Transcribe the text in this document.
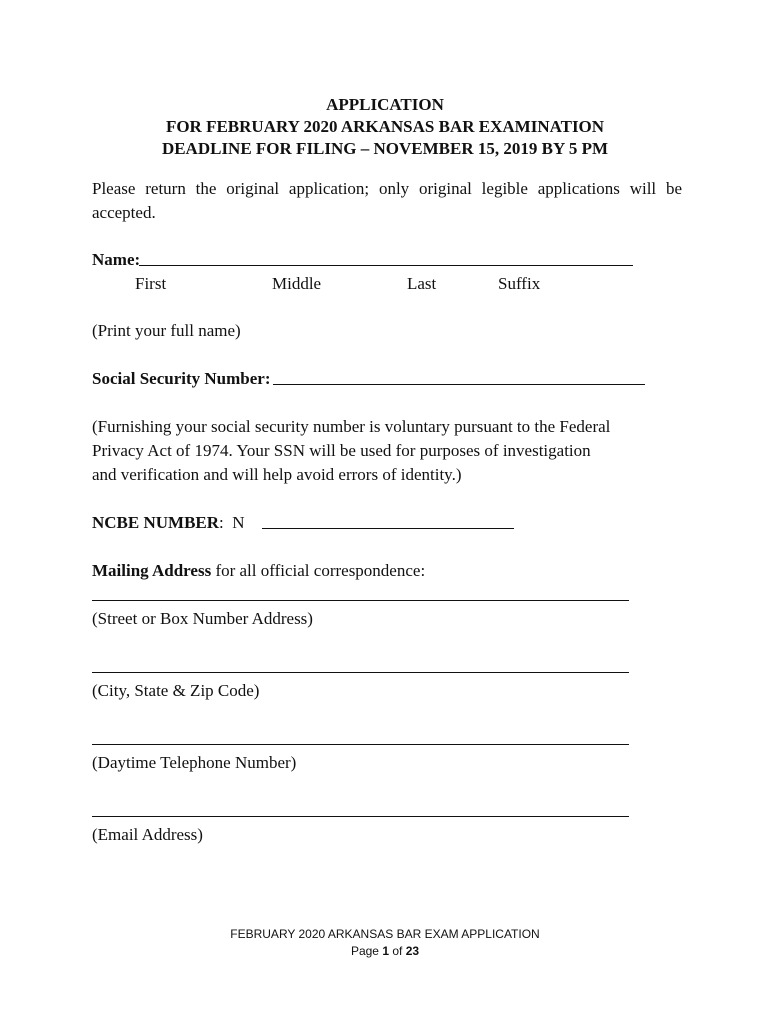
APPLICATION
FOR FEBRUARY 2020 ARKANSAS BAR EXAMINATION
DEADLINE FOR FILING – NOVEMBER 15, 2019 BY 5 PM
Please return the original application; only original legible applications will be
accepted.
Name:
First	Middle	Last	Suffix
(Print your full name)
Social Security Number:
(Furnishing your social security number is voluntary pursuant to the Federal
Privacy Act of 1974. Your SSN will be used for purposes of investigation
and verification and will help avoid errors of identity.)
NCBE NUMBER: N
Mailing Address for all official correspondence:
(Street or Box Number Address)
(City, State & Zip Code)
(Daytime Telephone Number)
(Email Address)
FEBRUARY 2020 ARKANSAS BAR EXAM APPLICATION
Page 1 of 23
